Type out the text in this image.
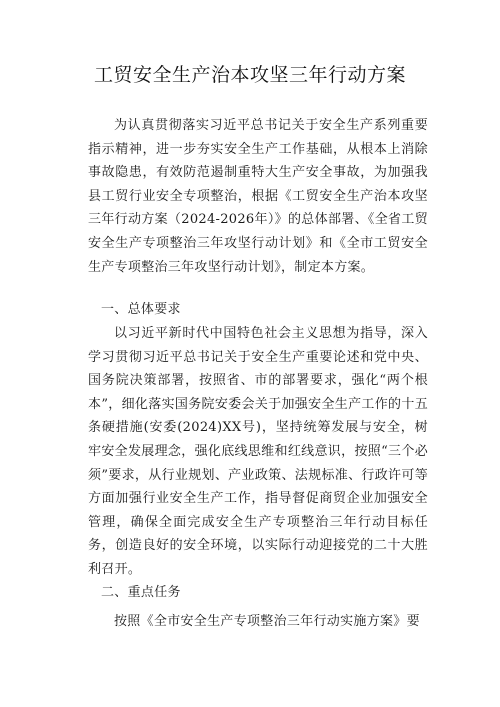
工贸安全生产治本攻坚三年行动方案

为认真贯彻落实习近平总书记关于安全生产系列重要指示精神，进一步夯实安全生产工作基础，从根本上消除事故隐患，有效防范遏制重特大生产安全事故，为加强我县工贸行业安全专项整治，根据《工贸安全生产治本攻坚三年行动方案（2024-2026年）》的总体部署、《全省工贸安全生产专项整治三年攻坚行动计划》和《全市工贸安全生产专项整治三年攻坚行动计划》，制定本方案。

一、总体要求

以习近平新时代中国特色社会主义思想为指导，深入学习贯彻习近平总书记关于安全生产重要论述和党中央、国务院决策部署，按照省、市的部署要求，强化“两个根本”，细化落实国务院安委会关于加强安全生产工作的十五条硬措施(安委(2024)XX号)，坚持统筹发展与安全，树牢安全发展理念，强化底线思维和红线意识，按照“三个必须”要求，从行业规划、产业政策、法规标准、行政许可等方面加强行业安全生产工作，指导督促商贸企业加强安全管理，确保全面完成安全生产专项整治三年行动目标任务，创造良好的安全环境，以实际行动迎接党的二十大胜利召开。

二、重点任务

按照《全市安全生产专项整治三年行动实施方案》要
